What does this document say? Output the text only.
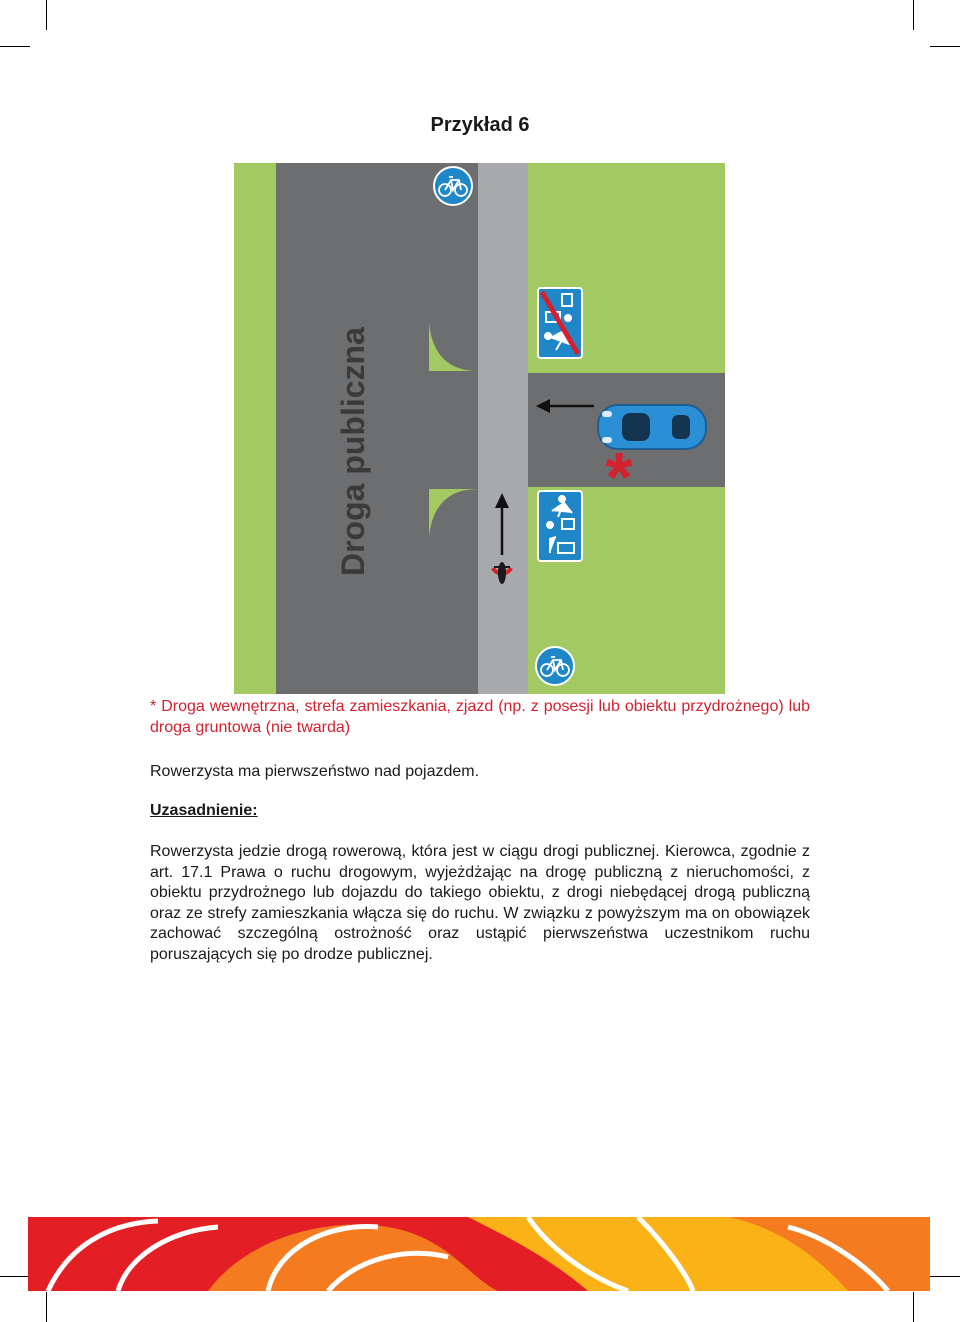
Przykład 6
Droga publiczna	*
* Droga wewnętrzna, strefa zamieszkania, zjazd (np. z posesji lub obiektu przydrożnego) lub droga gruntowa (nie twarda)
Rowerzysta ma pierwszeństwo nad pojazdem.
Uzasadnienie:
Rowerzysta jedzie drogą rowerową, która jest w ciągu drogi publicznej. Kierowca, zgodnie z art. 17.1 Prawa o ruchu drogowym, wyjeżdżając na drogę publiczną z nieruchomości, z obiektu przydrożnego lub dojazdu do takiego obiektu, z drogi niebędącej drogą publiczną oraz ze strefy zamieszkania włącza się do ruchu. W związku z powyższym ma on obowiązek zachować szczególną ostrożność oraz ustąpić pierwszeństwa uczestnikom ruchu poruszających się po drodze publicznej.
